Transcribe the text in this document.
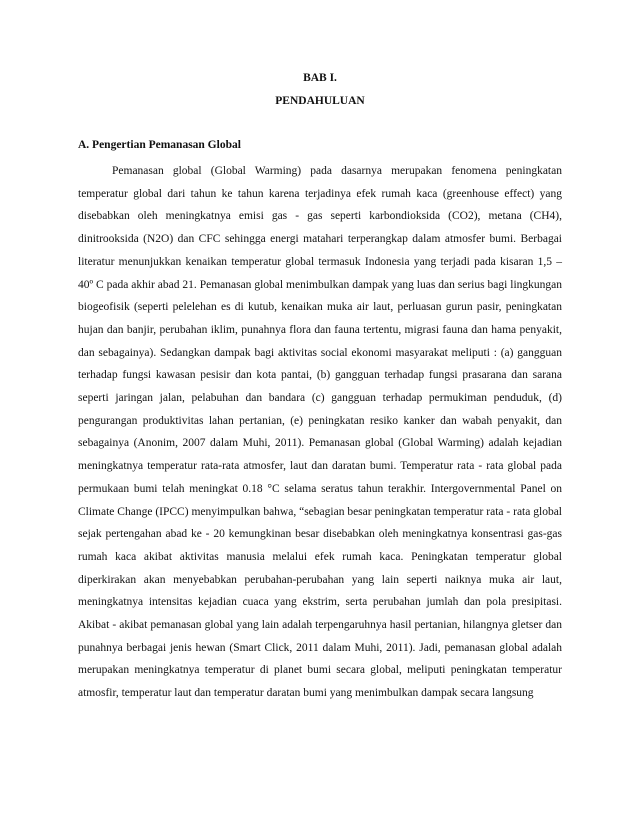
BAB I.
PENDAHULUAN
A. Pengertian Pemanasan Global

Pemanasan global (Global Warming) pada dasarnya merupakan fenomena peningkatan temperatur global dari tahun ke tahun karena terjadinya efek rumah kaca (greenhouse effect) yang disebabkan oleh meningkatnya emisi gas - gas seperti karbondioksida (CO2), metana (CH4), dinitrooksida (N2O) dan CFC sehingga energi matahari terperangkap dalam atmosfer bumi. Berbagai literatur menunjukkan kenaikan temperatur global termasuk Indonesia yang terjadi pada kisaran 1,5 – 40º C pada akhir abad 21. Pemanasan global menimbulkan dampak yang luas dan serius bagi lingkungan biogeofisik (seperti pelelehan es di kutub, kenaikan muka air laut, perluasan gurun pasir, peningkatan hujan dan banjir, perubahan iklim, punahnya flora dan fauna tertentu, migrasi fauna dan hama penyakit, dan sebagainya). Sedangkan dampak bagi aktivitas social ekonomi masyarakat meliputi : (a) gangguan terhadap fungsi kawasan pesisir dan kota pantai, (b) gangguan terhadap fungsi prasarana dan sarana seperti jaringan jalan, pelabuhan dan bandara (c) gangguan terhadap permukiman penduduk, (d) pengurangan produktivitas lahan pertanian, (e) peningkatan resiko kanker dan wabah penyakit, dan sebagainya (Anonim, 2007 dalam Muhi, 2011). Pemanasan global (Global Warming) adalah kejadian meningkatnya temperatur rata-rata atmosfer, laut dan daratan bumi. Temperatur rata - rata global pada permukaan bumi telah meningkat 0.18 °C selama seratus tahun terakhir. Intergovernmental Panel on Climate Change (IPCC) menyimpulkan bahwa, “sebagian besar peningkatan temperatur rata - rata global sejak pertengahan abad ke - 20 kemungkinan besar disebabkan oleh meningkatnya konsentrasi gas-gas rumah kaca akibat aktivitas manusia melalui efek rumah kaca. Peningkatan temperatur global diperkirakan akan menyebabkan perubahan-perubahan yang lain seperti naiknya muka air laut, meningkatnya intensitas kejadian cuaca yang ekstrim, serta perubahan jumlah dan pola presipitasi. Akibat - akibat pemanasan global yang lain adalah terpengaruhnya hasil pertanian, hilangnya gletser dan punahnya berbagai jenis hewan (Smart Click, 2011 dalam Muhi, 2011). Jadi, pemanasan global adalah merupakan meningkatnya temperatur di planet bumi secara global, meliputi peningkatan temperatur atmosfir, temperatur laut dan temperatur daratan bumi yang menimbulkan dampak secara langsung
